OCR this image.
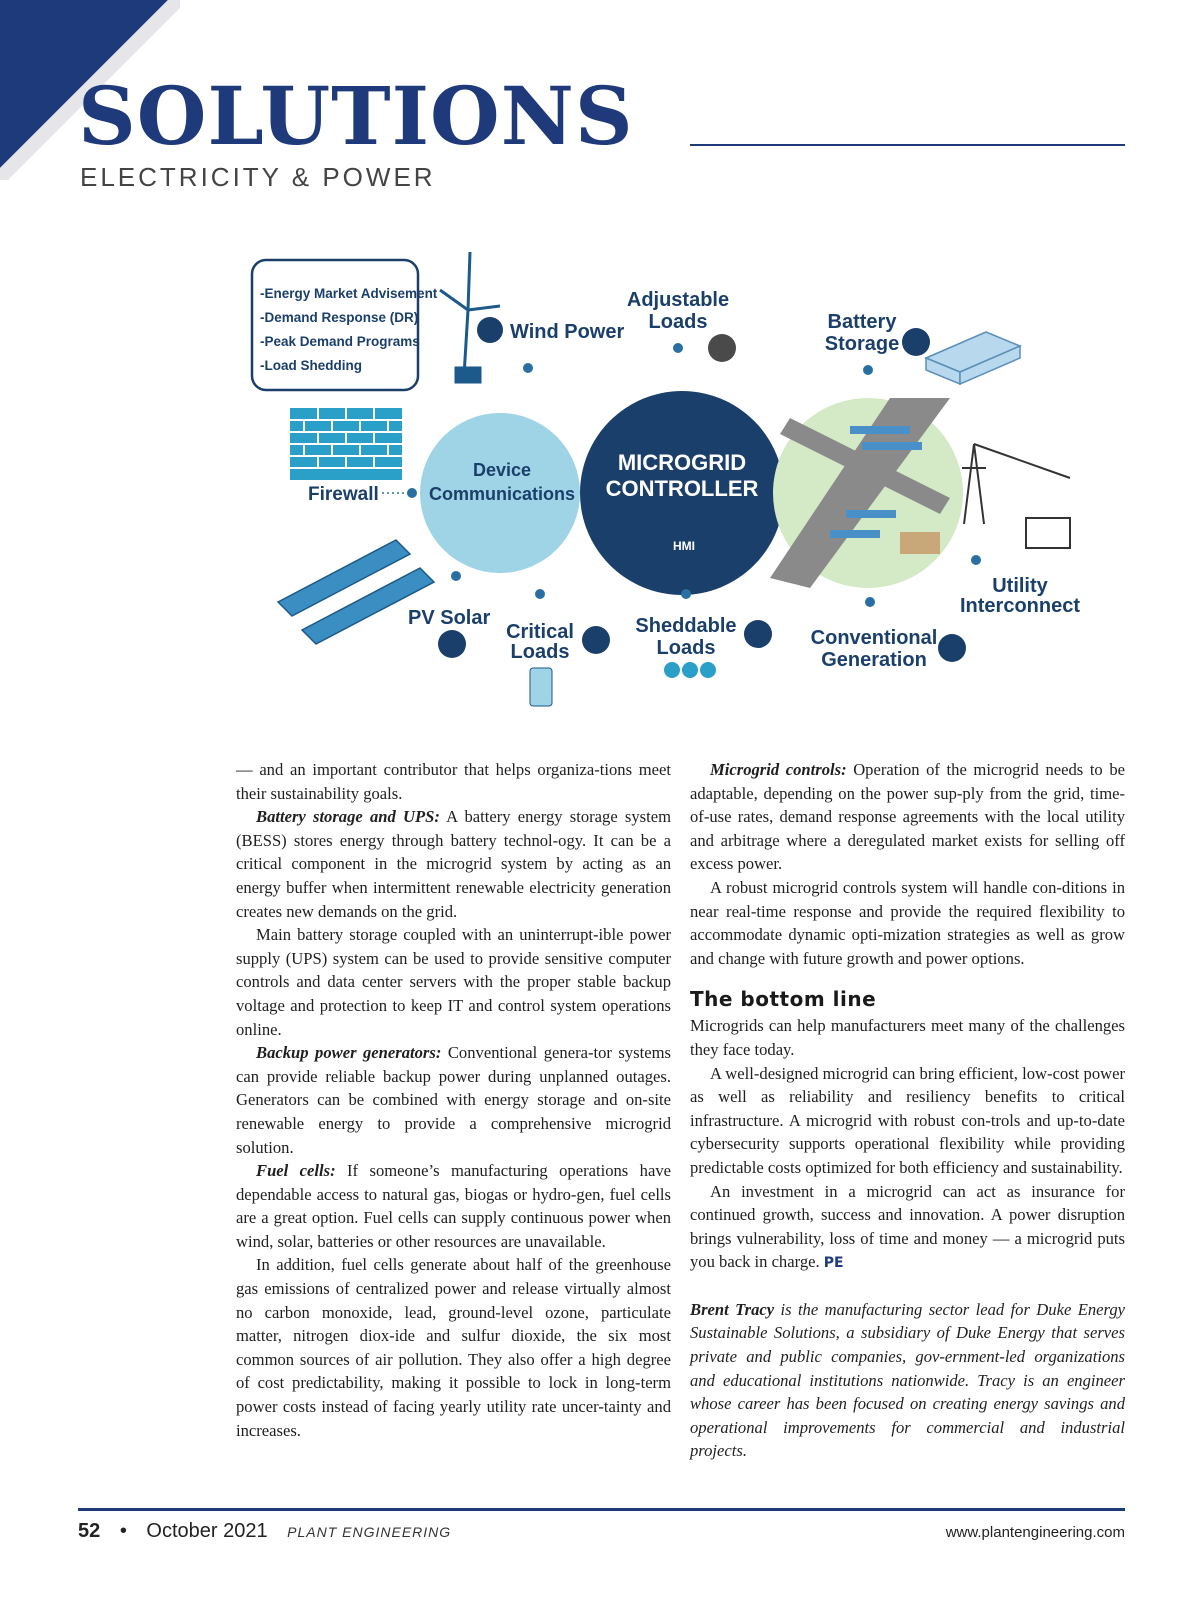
SOLUTIONS
ELECTRICITY & POWER
-Energy Market Advisement
-Demand Response (DR)
-Peak Demand Programs
-Load Shedding
Firewall
Wind Power
Adjustable
Loads	Battery
Storage
Device
Communications
MICROGRID
CONTROLLER
HMI
PV Solar
Critical
Loads
Sheddable
Loads	Conventional
Generation
Utility
Interconnect

— and an important contributor that helps organiza-tions meet their sustainability goals.

Battery storage and UPS: A battery energy storage system (BESS) stores energy through battery technol-ogy. It can be a critical component in the microgrid system by acting as an energy buffer when intermittent renewable electricity generation creates new demands on the grid.

Main battery storage coupled with an uninterrupt-ible power supply (UPS) system can be used to provide sensitive computer controls and data center servers with the proper stable backup voltage and protection to keep IT and control system operations online.

Backup power generators: Conventional genera-tor systems can provide reliable backup power during unplanned outages. Generators can be combined with energy storage and on-site renewable energy to provide a comprehensive microgrid solution.

Fuel cells: If someone’s manufacturing operations have dependable access to natural gas, biogas or hydro-gen, fuel cells are a great option. Fuel cells can supply continuous power when wind, solar, batteries or other resources are unavailable.

In addition, fuel cells generate about half of the greenhouse gas emissions of centralized power and release virtually almost no carbon monoxide, lead, ground-level ozone, particulate matter, nitrogen diox-ide and sulfur dioxide, the six most common sources of air pollution. They also offer a high degree of cost predictability, making it possible to lock in long-term power costs instead of facing yearly utility rate uncer-tainty and increases.

Microgrid controls: Operation of the microgrid needs to be adaptable, depending on the power sup-ply from the grid, time-of-use rates, demand response agreements with the local utility and arbitrage where a deregulated market exists for selling off excess power.

A robust microgrid controls system will handle con-ditions in near real-time response and provide the required flexibility to accommodate dynamic opti-mization strategies as well as grow and change with future growth and power options.

The bottom line

Microgrids can help manufacturers meet many of the challenges they face today.

A well-designed microgrid can bring efficient, low-cost power as well as reliability and resiliency benefits to critical infrastructure. A microgrid with robust con-trols and up-to-date cybersecurity supports operational flexibility while providing predictable costs optimized for both efficiency and sustainability.

An investment in a microgrid can act as insurance for continued growth, success and innovation. A power disruption brings vulnerability, loss of time and money — a microgrid puts you back in charge. PE

Brent Tracy is the manufacturing sector lead for Duke Energy Sustainable Solutions, a subsidiary of Duke Energy that serves private and public companies, gov-ernment-led organizations and educational institutions nationwide. Tracy is an engineer whose career has been focused on creating energy savings and operational improvements for commercial and industrial projects.

52 • October 2021 PLANT ENGINEERING	www.plantengineering.com
